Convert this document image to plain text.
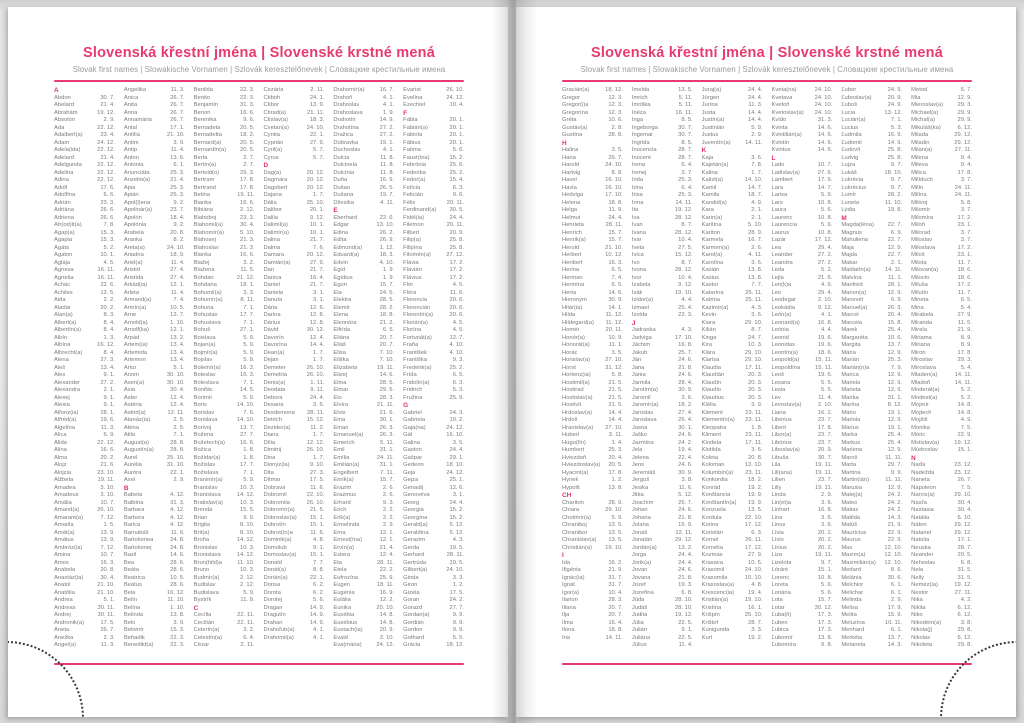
Slovenská křestní jména | Slovenské krstné mená
Slovak first names | Slowakische Vornamen | Szlovák keresztelőnevek | Словацкие крестильные имена
A
Abdon	30. 7.
Abelard	21. 4.
Abrahám	19. 12.
Absolón	2. 9.
Ada	22. 12.
Adalbert(a)	23. 4.
Adam	24. 12.
Adela(ida)	22. 12.
Adelard	21. 4.
Adelgunda	22. 12.
Adelina	22. 12.
Adina	22. 12.
Adolf	17. 6.
Adolfína	6. 6.
Adrián	23. 3.
Adriána	26. 6.
Adriena	26. 6.
Afr(od)it(a)	7. 8.
Agap(a)	15. 3.
Agapia	15. 3.
Agáta	5. 2.
Agaton	10. 1.
Aglája	4. 5.
Agnesa	16. 11.
Agneša	16. 11.
Achác	22. 6.
Achiles	12. 5.
Aida	2. 2.
Aladár	20. 2.
Alan(a)	8. 3.
Albert(a)	8. 4.
Albertín(a)	8. 4.
Albín	1. 3.
Albína	16. 12.
Albrecht(a)	8. 4.
Alena	27. 3.
Aleš	13. 4.
Alex	9. 1.
Alexander	27. 2.
Alexandra	2. 1.
Alexej	9. 1.
Alexia	9. 1.
Alfonz(ia)	28. 1.
Alfréd(a)	19. 6.
Algelína	11. 3.
Alica	6. 9.
Alida	22. 12.
Alina	16. 6.
Alma	20. 2.
Alojz	21. 6.
Alojzia	23. 10.
Alžbeta	19. 11.
Amadea	3. 10.
Amadeus	3. 10.
Amália	10. 7.
Amand(a)	26. 10.
Amarant(a)	7. 12.
Amarila	1. 5.
Amát(a)	13. 9.
Amátus	13. 9.
Ambróz(ia)	7. 12.
Amina	10. 7.
Amos	16. 3.
Anabela	20. 8.
Anastáz(ia)	30. 4.
Anatol	21. 10.
Anatólia	21. 10.
Andrea	5. 1.
Andreas	30. 11.
Andrej	30. 11.
Andronik(a)	17. 5.
Aneta	26. 7.
Anežka	2. 3.
Angel(a)	11. 3.
Angelika	11. 3.
Anica	26. 7.
Anita	26. 7.
Anna	26. 7.
Annamária	26. 7.
Antal	17. 1.
Antília	21. 10.
Antim	3. 9.
Antip	11. 4.
Anton	13. 6.
Antónia	6. 1.
Anunciáta	25. 3.
Anzelm(a)	21. 4.
Apia	25. 3.
Apián	25. 3.
Apol(l)ena	9. 2.
Apolinár(a)	23. 7.
Apolón	18. 4.
Apolónia	9. 2.
Arabela	20. 8.
Aranka	8. 2.
Areta(a)	24. 10.
Ariadna	18. 9.
Ariel(a)	11. 4.
Aristid	27. 4.
Aristída	27. 4.
Arkád(ia)	12. 1.
Arleta	11. 4.
Armand(a)	7. 4.
Armín(a)	10. 5.
Arne	13. 7.
Arnold(a)	1. 10.
Arnolf(ka)	12. 1.
Árpád	13. 2.
Artem(ia)	13. 4.
Artemida	13. 4.
Artemon	13. 4.
Artur	5. 1.
Arzen	30. 10.
Asen(a)	30. 10.
Asia	30. 4.
Aster	12. 4.
Astéria	12. 4.
Astrid(a)	12. 11.
Atanáz(ia)	2. 5.
Aténa	2. 5.
Atila	7. 1.
August(a)	28. 8.
Augustín(a)	28. 8.
Aurel	25. 10.
Aurélia	31. 10.
Auróra	22. 1.
Axel	2. 9.
B
Babeta	4. 12.
Balbína	31. 3.
Barbara	4. 12.
Barbora	4. 12.
Barica	4. 12.
Barnabáš	11. 6.
Bartolomea	24. 8.
Bartolomej	24. 8.
Bazil	14. 6.
Bea	28. 6.
Beáta	28. 6.
Beatrica	10. 5.
Beátus	28. 6.
Bela	16. 12.
Belín	11. 10.
Belína	1. 10.
Belinda	13. 8.
Belo	3. 9.
Belomír	15. 3.
Beňadik	22. 3.
Benedikt(a)	22. 3.
Benilda	22. 3.
Benito	22. 3.
Benjamín	31. 3.
Benon	16. 6.
Berenika	9. 6.
Bernadeta	20. 5.
Bernadetta	18. 2.
Bernard(a)	20. 5.
Bernardín(a) 20. 5.
Berta	2. 7.
Bertín(a)	2. 7.
Bertold(o)	29. 3.
Bertram	17. 8.
Bertrand	17. 8.
Betina	19. 11.
Bianka	16. 6.
Bibiána	2. 12.
Blahoboj	23. 3.
Blahomil(a)	30. 4.
Blahomír(a)	5. 10.
Blahosej	21. 3.
Blahoslav	21. 3.
Blanka	16. 6.
Blažej	3. 2.
Blažena	11. 5.
Bohdan	21. 12.
Bohdana	18. 1.
Bohumil(a)	3. 3.
Bohumír(a)	8. 11.
Bohuna	7. 1.
Bohuslav	17. 7.
Bohuslava	7. 1.
Bohuš	27. 1.
Boislava	5. 9.
Bojan(a)	5. 9.
Bojmír(a)	5. 9.
Bojslav	5. 9.
Bolemír(a)	16. 3.
Boleslav	16. 3.
Boleslava	7. 1.
Bonifác	14. 5.
Borimír	5. 9.
Boris	14. 10.
Borislav	7. 6.
Borislava	14. 10.
Borivoj	13. 7.
Božena	27. 7.
Božetech(a)	16. 6.
Božica	1. 8.
Božidar(a)	1. 8.
Božislav	17. 7.
Božislava	7. 1.
Branimír(a)	5. 9.
Branislav	10. 3.
Branislava	14. 12.
Bratislav(a)	10. 3.
Brenda	15. 5.
Brian	9. 9.
Brigita	8. 10.
Brit(a)	8. 10.
Broňa	14. 12.
Bronislav	10. 3.
Bronislava	14. 12.
Brun(hild)a	11. 10.
Bruno	10. 3.
Budmír(a)	2. 12.
Budislav	2. 12.
Budislava	5. 9.
Bystrík	11. 9.
C
Cecília	22. 11.
Cecilián	22. 11.
Celerín(a)	3. 2.
Celestín(a)	6. 4.
Cézar	2. 11.
Cezária	2. 11.
Ctiboh	24. 1.
Ctibor	13. 9.
Ctirad(a)	21. 11.
Ctislav(a)	18. 3.
Cvetan(a)	24. 10.
Cyntia	22. 1.
Cyprián	27. 9.
Cyril(a)	5. 7.
Cyrus	5. 7.
D
Dag(a)	20. 12.
Dagmara	20. 12.
Dagobert	20. 12.
Dajana	1. 7.
Dália	25. 10.
Dalibor	20. 1.
Dalila	9. 12.
Dalimil(a)	10. 1.
Dalimír(a)	10. 1.
Dalina	21. 7.
Dalma	7. 6.
Damara	20. 12.
Damián(a)	27. 9.
Dan	21. 7.
Danica	16. 4.
Daniel	21. 7.
Daniela	3. 1.
Danuta	3. 1.
Dária	12. 6.
Darina	12. 8.
Dárius	12. 8.
Dávid	30. 12.
Davorín	12. 4.
Davorína	14. 4.
Dean(a)	1. 7.
Dejan	1. 7.
Demeter	26. 10.
Demetria	26. 10.
Denis(a)	1. 11.
Deodata	9. 11.
Debora	24. 4.
Desana	3. 5.
Desdemona 28. 11.
Detrich	15. 12.
Dezider(a)	11. 2.
Diana	1. 7.
Dília	12. 12.
Dimitrij	26. 10.
Dina	1. 7.
Dionýz(ia)	9. 10.
Dita	27. 3.
Ditmar	17. 5.
Dobrava	11. 6.
Dobromil	22. 10.
Dobromila	26. 10.
Dobromír(a)	21. 5.
Dobroslav(a) 15. 1.
Dobrotín	15. 1.
Dobrot(ín)a	11. 6.
Dominik(a)	4. 8.
Domolub	9. 1.
Domoslav(a) 15. 1.
Donald	7. 7.
Donát(a)	8. 8.
Dorián(a)	22. 1.
Dorisa	6. 2.
Dorota	6. 2.
Dorotej	5. 6.
Dragan	14. 9.
Dragutín	14. 9.
Drahan	14. 9.
Drahoľub(a)	4. 1.
Drahomil(a)	4. 1.
Drahomír(a)	16. 7.
Drahoň	4. 1.
Drahoslav	4. 1.
Drahoslava	1. 9.
Drahotín	14. 9.
Drahotína	27. 2.
Dražica	27. 2.
Dúbravka	19. 1.
Duchoslav	4. 1.
Dulcia	11. 8.
Dulcinela	11. 8.
Dulcínia	11. 8.
Duňa	16. 9.
Dušan	26. 5.
Dušana	19. 7.
Džesika	4. 11.
E
Eberhard	22. 6.
Edgar	13. 10.
Edina	26. 2.
Edita	26. 9.
Edmund(a)	1. 12.
Eduard(a)	18. 3.
Edvin	4. 10.
Egid	1. 9.
Egídius	1. 9.
Egon	15. 7.
Ela	24. 5.
Elektra	28. 5.
Elemír	28. 2.
Elena	18. 8.
Eleonóra	21. 2.
Elfrída	6. 5.
Eliána	20. 7.
Eliáš	20. 7.
Elisa	7. 10.
Eliška	7. 10.
Elizabeta	19. 11.
Elizej	14. 6.
Elma	28. 5.
Elmar	29. 5.
Elo	28. 3.
Elvíra	21. 11.
Elvis	21. 6.
Ema	30. 1.
Eman	26. 3.
Emanuel(a)	26. 3.
Emerich	5. 11.
Emil	31. 1.
Emília	24. 11.
Emilián(a)	31. 1.
Engelbert	7. 11.
Enrik(a)	15. 7.
Erazim	2. 6.
Erazmus	2. 6.
Erhard	9. 3.
Erich	2. 2.
Erik(a)	2. 2.
Ermelinda	2. 9.
Erna	12. 1.
Ernest(ína)	12. 1.
Ervín(a)	21. 4.
Estera	12. 4.
Eta	28. 11.
Etela	22. 2.
Eufrozína	25. 9.
Eugen	18. 11.
Eugénia	16. 9.
Eulália	12. 2.
Eunika	20. 10.
Eusébia	14. 8.
Eusébius	14. 8.
Eustach(ia)	20. 9.
Evald	3. 10.
Eva(mária)	24. 12.
Evarist	26. 10.
Evelína	24. 12.
Ezechiel	10. 4.
F
Fábia	20. 1.
Fabián(a)	20. 1.
Fabiola	20. 1.
Fábius	20. 1.
Fatima	5. 6.
Faust(ína)	15. 2.
Febrónia	25. 6.
Federika	25. 2.
Fedor(a)	15. 4.
Felícia	6. 3.
Felicián	9. 6.
Félix	20. 11.
Ferdinand(a) 30. 5.
Fidél(ia)	24. 4.
Filemon	20. 11.
Filbert	20. 9.
Filip(a)	25. 8.
Filipína	25. 8.
Filomén(a)	27. 12.
Flávia	17. 2.
Flavián	17. 2.
Flávius	17. 2.
Flór	4. 5.
Flóra	11. 6.
Florencia	20. 6.
Florencián	20. 6.
Florentín(a)	20. 6.
Florián(a)	4. 5.
Florína	4. 5.
Fortunát(a)	12. 7.
Fraňa	4. 10.
František	4. 10.
Františka	9. 3.
Frederik(a)	25. 2.
Frída	6. 5.
Fridolín(a)	6. 3.
Fridrich	5. 3.
Fružina	25. 9.
G
Gabriel	24. 3.
Gabriela	10. 2.
Gaja(na)	24. 12.
Gál	16. 10.
Galina	3. 5.
Gaston	24. 4.
Gašpar	29. 1.
Gedeon	18. 10.
Geja	24. 12.
Gejza	25. 1.
Genadij	12. 6.
Genovéva	3. 1.
Georg	24. 4.
Georgia	15. 2.
Georgína	15. 2.
Gerald(a)	5. 12.
Geraldína	5. 12.
Gerazim	4. 3.
Gerda	19. 5.
Gerhard	28. 11.
Gertrúda	19. 5.
Gilbert(a)	24. 10.
Ginda	3. 3.
Giron	1. 2.
Gizela	17. 5.
Goran	24. 2.
Gorazd	27. 7.
Gordan(a)	9. 9.
Gordián	9. 9.
Gordon	9. 9.
Gothard	5. 5.
Grácia	18. 12.
Slovenská křestní jména | Slovenské krstné mená
Slovak first names | Slowakische Vornamen | Szlovák keresztelőnevek | Словацкие крестильные имена
Gracián(a)	18. 12.
Gregor	12. 3.
Gregor(i)a	12. 3.
Gregorína	12. 3.
Gréta	10. 6.
Gustáv(a)	2. 8.
Gustína	28. 8.
H
Halina	3. 5.
Hana	26. 7.
Harold	24. 10.
Hartvig	8. 8.
Havel	16. 10.
Havla	16. 10.
Hedviga	17. 10.
Helena	18. 8.
Helga	11. 9.
Helmut	24. 4.
Henrieta	28. 11.
Henrich	15. 7.
Henrik(a)	15. 7.
Herold	21. 10.
Herbert	10. 12.
Heribert	16. 3.
Herina	6. 5.
Herman	7. 4.
Hermína	6. 5.
Herta	14. 6.
Hieronym	30. 9.
Hilár(ia)	14. 1.
Hilda	11. 12.
Hildegard(a) 11. 12.
Homér	20. 11.
Honór(a)	10. 9.
Honorát(a)	11. 1.
Horác	3. 5.
Horislav(a)	27. 10.
Horst	31. 12.
Hortenz(ia)	5. 8.
Hostimil(a)	21. 5.
Hostirad	21. 5.
Hostislav(a)	21. 5.
Hostivít	21. 5.
Hrdoslav(a)	14. 4.
Hrdoš	14. 4.
Hranislav(a) 27. 10.
Hubert	3. 11.
Hugo(lín)	1. 4.
Humbert	25. 3.
Hviezdoň	20. 4.
Hviezdoslav(a) 20. 5.
Hyacint(a)	17. 8.
Hynek	1. 2.
Hypolit	13. 8.
CH
Chariton	28. 9.
Chiara	29. 10.
Chotimír(a)	5. 9.
Chraniboj	13. 5.
Chranibor	13. 5.
Chranislav(a) 13. 5.
Christián(a) 19. 10.
I
Ida	16. 2.
Ifigénia	21. 9.
Ignác(ia)	31. 7.
Ignát	31. 7.
Igor(a)	10. 4.
Ilarion	28. 3.
Iliana	20. 7.
Ilja	20. 7.
Ilma	16. 4.
Ilona	18. 8.
Ina	14. 11.
Imelda	13. 5.
Imrich	5. 11.
Imriška	5. 11.
Inéza	16. 11.
Inga	8. 5.
Ingeborga	30. 7.
Ingemar	30. 7.
Ingrida	8. 5.
Inocencia	28. 7.
Inocent	28. 7.
Irena	6. 4.
Irenej	3. 7.
Irida	25. 3.
Irina	6. 4.
Irisa	25. 3.
Irma	14. 11.
Ita	19. 12.
Iva	28. 12.
Ivan	8. 7.
Ivana	28. 12.
Ivar	10. 4.
Iveta	27. 5.
Ivica	15. 12.
Ivo	8. 7.
Ivona	28. 12.
Ivor	10. 4.
Izabela	9. 12.
Izák	19. 10.
Izidor(a)	4. 4.
Izmael	25. 4.
Izolda	22. 3.
J
Jadranka	4. 3.
Jadviga	17. 10.
Jáchim	16. 8.
Jakub	25. 7.
Ján	24. 6.
Jana	21. 8.
Jania	24. 6.
Jarmila	28. 4.
Jarolím(a)	30. 9.
Jaromil	3. 6.
Jaromír(a)	18. 2.
Jaroslav	27. 4.
Jaroslava	26. 4.
Jasna	30. 1.
Jaško	24. 6.
Jazmína	24. 2.
Jela	19. 4.
Jelena	22. 4.
Jens	24. 6.
Jeremiáš	30. 9.
Jerguš	3. 8.
Jesika	11. 6.
Jitka	5. 12.
Joachim	26. 7.
Johan	24. 6.
Johana	21. 8.
Jolana	15. 9.
Jonáš	12. 11.
Jonatán	29. 12.
Jordán(a)	13. 2.
Jorga	24. 4.
Jorik(a)	24. 4.
Jovan	24. 6.
Jovana	21. 8.
Jozef	19. 3.
Jozefína	6. 8.
Júda	28. 10.
Judáš	28. 10.
Judita	19. 12.
Júlia	22. 5.
Julián	9. 1.
Juliána	22. 5.
Július	11. 4.
Juraj(a)	24. 4.
Jürgen	24. 4.
Jurína	11. 3.
Justa	14. 4.
Justín(a)	14. 4.
Justinián	5. 9.
Justus	2. 9.
Juventín(a)	14. 11.
K
Kaja	3. 6.
Kajetán(a)	7. 8.
Kalina	1. 7.
Kalist(a)	14. 10.
Kamil	14. 7.
Kamila	18. 7.
Kandid(a)	4. 9.
Kara	2. 1.
Karin(a)	2. 1.
Karitína	5. 10.
Kariton	28. 9.
Karmela	16. 7.
Karmen(a)	2. 6.
Karol(a)	4. 11.
Karolína	3. 6.
Kasián	13. 8.
Kasius	13. 8.
Kastor	7. 7.
Katarína	25. 11.
Katrina	25. 11.
Kazimír(a)	4. 3.
Kevin	3. 6.
Kiara	29. 10.
Kilián	8. 7.
Kinga	24. 7.
Kira	10. 3.
Klára	29. 10.
Klarisa	29. 10.
Klaudia	17. 11.
Klaudián	20. 3.
Klaudín	20. 3.
Klaudio	20. 3.
Klaudius	20. 3.
Klélia	3. 9.
Klement	23. 11.
Klementín(a) 23. 11.
Kleopatra	1. 8.
Kliment	23. 11.
Klodeta	17. 11.
Klotilda	3. 6.
Koleta	20. 8.
Koloman	13. 10.
Kolumbín(a) 23. 11.
Konkordia	18. 2.
Konrád	19. 2.
Konštancia	19. 9.
Konštantín(a) 19. 9.
Konzuela	13. 5.
Kordula	22. 10.
Korina	17. 12.
Koriolán	6. 3.
Kornel	26. 11.
Kornélia	17. 12.
Kozmas	27. 9.
Krasava	10. 5.
Krasomil	24. 10.
Krasomila	10. 10.
Krasoslav(a)	4. 8.
Krescenc(ia) 19. 4.
Kristián(a)	19. 10.
Kristína	16. 1.
Krišpín	25. 10.
Krištof	28. 7.
Kunigunda	3. 3.
Kurt	19. 2.
Kveta(na)	24. 10.
Kvetava	24. 10.
Kvetoň	24. 10.
Kvetoslav(a) 24. 10.
Kvído	31. 3.
Kvinta	14. 6.
Kvintilián(a)	14. 6.
Kvintín	14. 6.
Kvintus	14. 6.
L
Lado	10. 7.
Ladislav(a)	27. 6.
Lambert	17. 9.
Lara	14. 7.
Larisa	5. 9.
Lars	10. 8.
Laura	5. 6.
Laurenc	10. 8.
Laurencia	5. 6.
Laurus	10. 8.
Lazár	17. 12.
Lea	29. 4.
Leander	27. 2.
Leandra	27. 2.
Leda	5. 2.
Lejla	21. 6.
Len(k)a	4. 6.
Leo	29. 4.
Leodegar	2. 10.
Leokádia	9. 12.
León(a)	4. 1.
Leonard(a)	16. 8.
Leónia	4. 4.
Leonid	19. 6.
Leonidas	19. 6.
Leontín(a)	18. 6.
Leopold(a)	15. 11.
Leopoldína	15. 11.
Leoš	19. 6.
Lesana	5. 5.
Lesia	5. 5.
Lev	11. 4.
Levoslav(a)	2. 10.
Liana	16. 2.
Libérius	23. 7.
Libert	17. 8.
Libor(a)	23. 7.
Libórius	23. 7.
Liboslav(a)	20. 9.
Libuša	30. 7.
Lila	19. 11.
Lili(ana)	19. 11.
Lilien	23. 7.
Lilly	19. 11.
Linda	2. 9.
Lin(et)a	3. 6.
Linhart	16. 8.
Lina	3. 6.
Linus	3. 6.
Lívia	20. 2.
Lívio	20. 2.
Línius	20. 2.
Liza	19. 11.
Lizelota	9. 7.
Lóránt	15. 1.
Lorenc	10. 8.
Loreta	5. 6.
Loriána	5. 6.
Lota	15. 7.
Lotar	30. 12.
Ľuba(ň)	17. 3.
Ľuben	17. 3.
Ľubica	17. 3.
Ľubomír	13. 8.
Ľubomíra	9. 8.
Ľubor	24. 9.
Ľuboslav(a)	20. 9.
Ľuboš	24. 9.
Lucia	13. 12.
Lucián(a)	7. 1.
Lucius	5. 3.
Ľudmila	16. 9.
Ľudomil	14. 9.
Ľudovít	25. 8.
Ludvig	25. 8.
Lujza	9. 7.
Lukáš	18. 10.
Lukrécia	9. 7.
Lukrécius	9. 7.
Lumír	28. 2.
Luneta	11. 10.
Lýdia	19. 8.
M
Magda(léna) 22. 7.
Magnus	6. 9.
Mahuliena	22. 7.
Maja	12. 9.
Majda	22. 7.
Makar	2. 1.
Maldatín(a) 14. 11.
Malvína	11. 1.
Manfréd	28. 1.
Manon(a)	12. 9.
Mansvét	6. 9.
Manuel(a)	26. 3.
Marcel	20. 4.
Marcela	15. 8.
Marek	25. 4.
Margaréta	10. 6.
Margita	13. 7.
Mária	12. 9.
Marián	25. 3.
Marián(n)a	7. 9.
Marica	12. 9.
Mariela	12. 9.
Marieta	12. 9.
Marika	31. 1.
Marína	8. 12.
Mário	19. 1.
Mariola	12. 9.
Márius	19. 1.
Marka	25. 4.
Markus	25. 4.
Marlena	12. 9.
Maroš	11. 11.
Marta	29. 7.
Martina	9. 9.
Martin(ián)	11. 11.
Marusia	12. 9.
Matej(a)	24. 2.
Mateo	24. 2.
Matias	24. 2.
Matilda	14. 3.
Matúš	21. 9.
Maurícius	22. 9.
Maurus	22. 9.
Max	12. 10.
Maxim(a)	12. 10.
Maximilián(a) 12. 10.
Medard	8. 6.
Melánia	30. 6.
Melchior	6. 1.
Melichar	6. 1.
Melinda	2. 9.
Melisa	17. 9.
Melita	15. 9.
Meluzína	10. 11.
Menhard	6. 1.
Merkéta	13. 7.
Metaneta	14. 3.
Metod	5. 7.
Mia	12. 9.
Mieroslav(a) 29. 3.
Michael(a)	29. 9.
Michal(a)	29. 9.
Mikuláš(ka)	6. 12.
Milada	29. 12.
Miladin	29. 12.
Milan(a)	27. 11.
Milena	9. 4.
Mileva	9. 4.
Milica	17. 8.
Milíduch	3. 7.
Milín	24. 11.
Milína	24. 11.
Milivoj	5. 8.
Milomír	3. 7.
Milomíra	17. 2.
Miloň	23. 1.
Milorad	3. 7.
Miloslav	3. 7.
Miloslava	17. 2.
Miloš	23. 1.
Milota	11. 7.
Milovan(a)	18. 6.
Milovín	18. 6.
Miluša	17. 2.
Milutín	11. 7.
Mineta	6. 5.
Mina	5. 4.
Mirabela	27. 9.
Miranda	11. 5.
Mirela	21. 9.
Miriama	8. 9.
Miriana	8. 9.
Miron	17. 8.
Miroslav	29. 3.
Miroslava	5. 4.
Mladen(a)	14. 11.
Mladoň	14. 11.
Moderát(a)	5. 2.
Modest(a)	5. 2.
Mojmír	14. 8.
Mojtech	14. 8.
Mojžiš	4. 9.
Monika	7. 5.
Móric	22. 9.
Mstislav(a)	19. 12.
Múdroslav	15. 1.
N
Naďa	23. 12.
Nadežda	23. 12.
Naneta	26. 7.
Napoleon	7. 5.
Narcis(a)	29. 10.
Nasťa	30. 4.
Nastasia	30. 4.
Natália	6. 10.
Náton	29. 12.
Natanel	29. 12.
Natolia	17. 1.
Neuska	28. 7.
Neander	20. 5.
Nehoslav	6. 8.
Nela	31. 5.
Nelly	31. 5.
Neméz(ia)	19. 12.
Nestor	27. 11.
Nika	4. 2.
Nikita	6. 12.
Niko	6. 12.
Nikodém(a)	3. 8.
Nikola(j)	29. 8.
Nikolas	6. 12.
Nikoleta	29. 8.
